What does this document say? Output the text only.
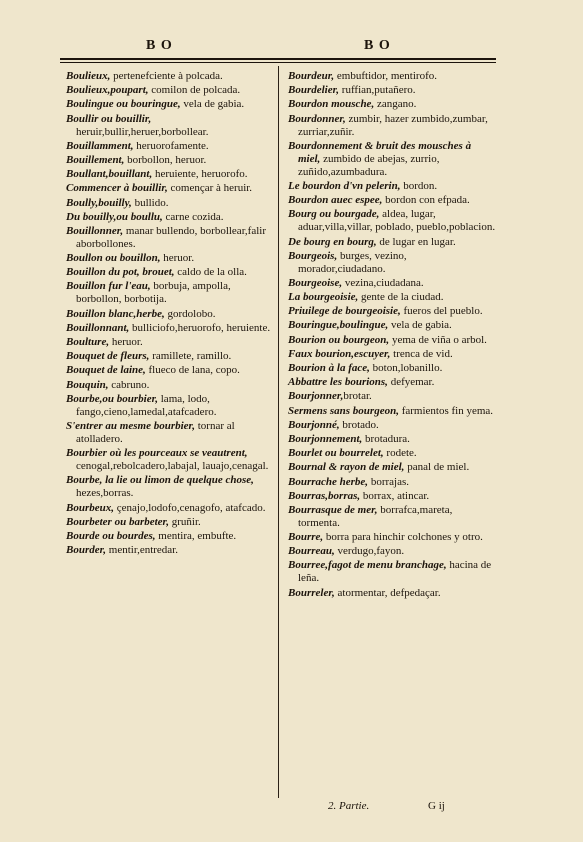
B O	B O
Boulieux, pertenefciente à polcada.
Boulieux,poupart, comilon de polcada.
Boulingue ou bouringue, vela de gabia.
Boullir ou bouillir, heruir,bullir,heruer,borbollear.
Bouillamment, heruorofamente.
Bouillement, borbollon, heruor.
Boullant,bouillant, heruiente, heruorofo.
Commencer à bouillir, començar à heruir.
Boully,bouilly, bullido.
Du bouilly,ou boullu, carne cozida.
Bouillonner, manar bullendo, borbollear,falir aborbollones.
Boullon ou bouillon, heruor.
Bouillon du pot, brouet, caldo de la olla.
Bouillon fur l'eau, borbuja, ampolla, borbollon, borbotija.
Bouillon blanc,herbe, gordolobo.
Bouillonnant, bulliciofo,heruorofo, heruiente.
Boulture, heruor.
Bouquet de fleurs, ramillete, ramillo.
Bouquet de laine, flueco de lana, copo.
Bouquin, cabruno.
Bourbe,ou bourbier, lama, lodo, fango,cieno,lamedal,atafcadero.
S'entrer au mesme bourbier, tornar al atolladero.
Bourbier où les pourceaux se veautrent, cenogal,rebolcadero,labajal, lauajo,cenagal.
Bourbe, la lie ou limon de quelque chose, hezes,borras.
Bourbeux, çenajo,lodofo,cenagofo, atafcado.
Bourbeter ou barbeter, gruñir.
Bourde ou bourdes, mentira, embufte.
Bourder, mentir,entredar.
Bourdeur, embuftidor, mentirofo.
Bourdelier, ruffian,putañero.
Bourdon mousche, zangano.
Bourdonner, zumbir, hazer zumbido,zumbar, zurriar,zuñir.
Bourdonnement & bruit des mousches à miel, zumbido de abejas, zurrio, zuñido,azumbadura.
Le bourdon d'vn pelerin, bordon.
Bourdon auec espee, bordon con efpada.
Bourg ou bourgade, aldea, lugar, aduar,villa,villar, poblado, pueblo,poblacion.
De bourg en bourg, de lugar en lugar.
Bourgeois, burges, vezino, morador,ciudadano.
Bourgeoise, vezina,ciudadana.
La bourgeoisie, gente de la ciudad.
Priuilege de bourgeoisie, fueros del pueblo.
Bouringue,boulingue, vela de gabia.
Bourion ou bourgeon, yema de viña o arbol.
Faux bourion,escuyer, trenca de vid.
Bourion à la face, boton,lobanillo.
Abbattre les bourions, defyemar.
Bourjonner,brotar.
Sermens sans bourgeon, farmientos fin yema.
Bourjonné, brotado.
Bourjonnement, brotadura.
Bourlet ou bourrelet, rodete.
Bournal & rayon de miel, panal de miel.
Bourrache herbe, borrajas.
Bourras,borras, borrax, atincar.
Bourrasque de mer, borrafca,mareta, tormenta.
Bourre, borra para hinchir colchones y otro.
Bourreau, verdugo,fayon.
Bourree,fagot de menu branchage, hacina de leña.
Bourreler, atormentar, defpedaçar.
2. Partie.	G ij
